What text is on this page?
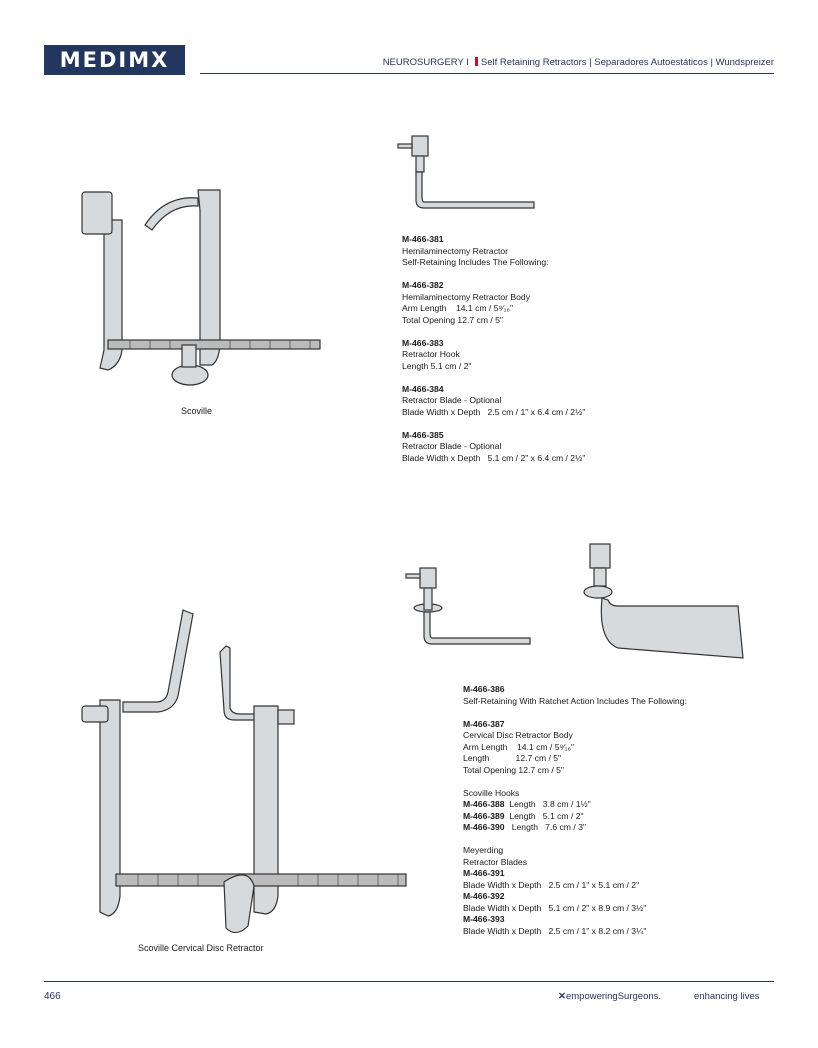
MEDIMX	NEUROSURGERY I Self Retaining Retractors | Separadores Autoestáticos | Wundspreizer
Scoville
M-466-381
Hemilaminectomy Retractor
Self-Retaining Includes The Following:
M-466-382
Hemilaminectomy Retractor Body
Arm Length    14.1 cm / 5⁹⁄₁₆"
Total Opening 12.7 cm / 5"
M-466-383
Retractor Hook
Length 5.1 cm / 2"
M-466-384
Retractor Blade - Optional
Blade Width x Depth   2.5 cm / 1" x 6.4 cm / 2½"
M-466-385
Retractor Blade - Optional
Blade Width x Depth   5.1 cm / 2" x 6.4 cm / 2½"
Scoville Cervical Disc Retractor
M-466-386
Self-Retaining With Ratchet Action Includes The Following:
M-466-387
Cervical Disc Retractor Body
Arm Length    14.1 cm / 5⁹⁄₁₆"
Length           12.7 cm / 5"
Total Opening 12.7 cm / 5"
Scoville Hooks
M-466-388  Length   3.8 cm / 1½"
M-466-389  Length   5.1 cm / 2"
M-466-390   Length   7.6 cm / 3"
Meyerding
Retractor Blades
M-466-391
Blade Width x Depth   2.5 cm / 1" x 5.1 cm / 2"
M-466-392
Blade Width x Depth   5.1 cm / 2" x 8.9 cm / 3½"
M-466-393
Blade Width x Depth   2.5 cm / 1" x 8.2 cm / 3¼"
466	✕empoweringSurgeons.	enhancing lives
